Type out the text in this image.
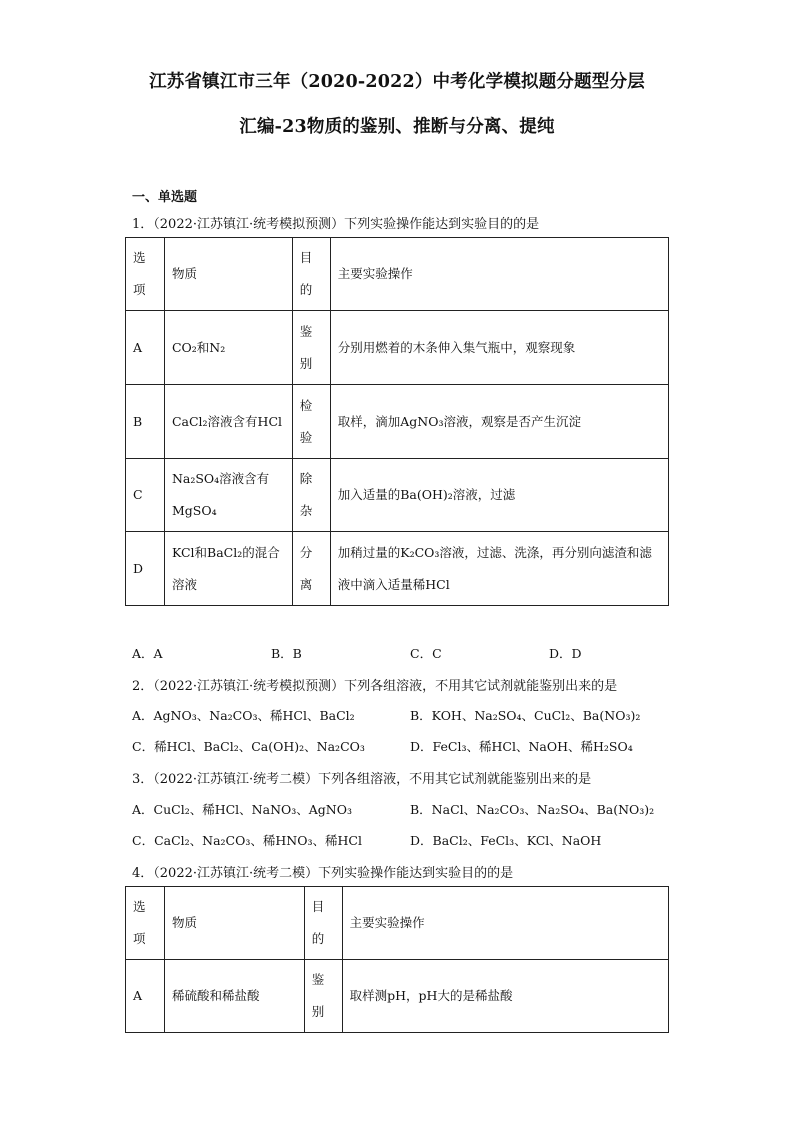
江苏省镇江市三年（2020-2022）中考化学模拟题分题型分层
汇编-23物质的鉴别、推断与分离、提纯
一、单选题
1．（2022·江苏镇江·统考模拟预测）下列实验操作能达到实验目的的是
选项	物质	目的	主要实验操作
A	CO₂和N₂	鉴别	分别用燃着的木条伸入集气瓶中，观察现象
B	CaCl₂溶液含有HCl	检验	取样，滴加AgNO₃溶液，观察是否产生沉淀
C	Na₂SO₄溶液含有MgSO₄	除杂	加入适量的Ba(OH)₂溶液，过滤
D	KCl和BaCl₂的混合溶液	分离	加稍过量的K₂CO₃溶液，过滤、洗涤，再分别向滤渣和滤液中滴入适量稀HCl
A．A	B．B	C．C	D．D
2．（2022·江苏镇江·统考模拟预测）下列各组溶液，不用其它试剂就能鉴别出来的是
A．AgNO₃、Na₂CO₃、稀HCl、BaCl₂	B．KOH、Na₂SO₄、CuCl₂、Ba(NO₃)₂
C．稀HCl、BaCl₂、Ca(OH)₂、Na₂CO₃	D．FeCl₃、稀HCl、NaOH、稀H₂SO₄
3．（2022·江苏镇江·统考二模）下列各组溶液，不用其它试剂就能鉴别出来的是
A．CuCl₂、稀HCl、NaNO₃、AgNO₃	B．NaCl、Na₂CO₃、Na₂SO₄、Ba(NO₃)₂
C．CaCl₂、Na₂CO₃、稀HNO₃、稀HCl	D．BaCl₂、FeCl₃、KCl、NaOH
4．（2022·江苏镇江·统考二模）下列实验操作能达到实验目的的是
选项	物质	目的	主要实验操作
A	稀硫酸和稀盐酸	鉴别	取样测pH，pH大的是稀盐酸
